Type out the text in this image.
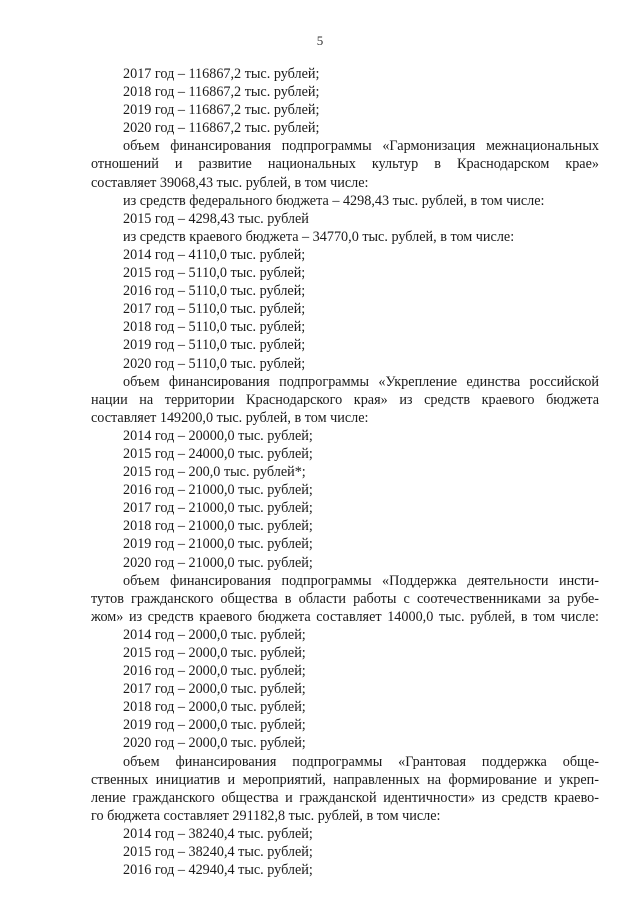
5
2017 год – 116867,2 тыс. рублей;
2018 год – 116867,2 тыс. рублей;
2019 год – 116867,2 тыс. рублей;
2020 год – 116867,2 тыс. рублей;
объем финансирования подпрограммы «Гармонизация межнациональных
отношений и развитие национальных культур в Краснодарском крае»
составляет 39068,43 тыс. рублей, в том числе:
из средств федерального бюджета – 4298,43 тыс. рублей, в том числе:
2015 год – 4298,43 тыс. рублей
из средств краевого бюджета – 34770,0 тыс. рублей, в том числе:
2014 год – 4110,0 тыс. рублей;
2015 год – 5110,0 тыс. рублей;
2016 год – 5110,0 тыс. рублей;
2017 год – 5110,0 тыс. рублей;
2018 год – 5110,0 тыс. рублей;
2019 год – 5110,0 тыс. рублей;
2020 год – 5110,0 тыс. рублей;
объем финансирования подпрограммы «Укрепление единства российской
нации на территории Краснодарского края» из средств краевого бюджета
составляет 149200,0 тыс. рублей, в том числе:
2014 год – 20000,0 тыс. рублей;
2015 год – 24000,0 тыс. рублей;
2015 год – 200,0 тыс. рублей*;
2016 год – 21000,0 тыс. рублей;
2017 год – 21000,0 тыс. рублей;
2018 год – 21000,0 тыс. рублей;
2019 год – 21000,0 тыс. рублей;
2020 год – 21000,0 тыс. рублей;
объем финансирования подпрограммы «Поддержка деятельности инсти-
тутов гражданского общества в области работы с соотечественниками за рубе-
жом» из средств краевого бюджета составляет 14000,0 тыс. рублей, в том числе:
2014 год – 2000,0 тыс. рублей;
2015 год – 2000,0 тыс. рублей;
2016 год – 2000,0 тыс. рублей;
2017 год – 2000,0 тыс. рублей;
2018 год – 2000,0 тыс. рублей;
2019 год – 2000,0 тыс. рублей;
2020 год – 2000,0 тыс. рублей;
объем финансирования подпрограммы «Грантовая поддержка обще-
ственных инициатив и мероприятий, направленных на формирование и укреп-
ление гражданского общества и гражданской идентичности» из средств краево-
го бюджета составляет 291182,8 тыс. рублей, в том числе:
2014 год – 38240,4 тыс. рублей;
2015 год – 38240,4 тыс. рублей;
2016 год – 42940,4 тыс. рублей;
